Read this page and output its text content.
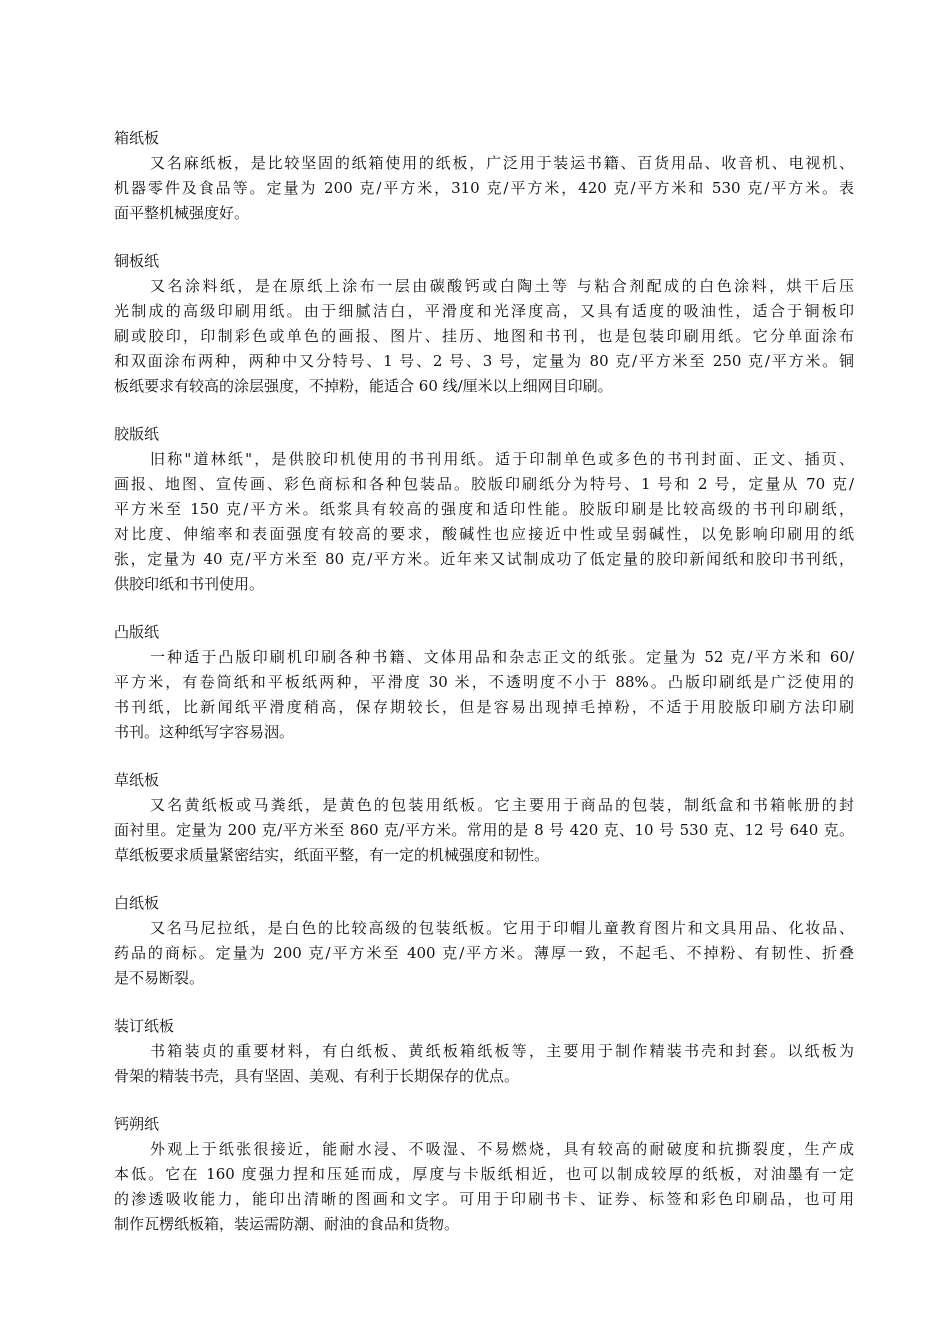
箱纸板
又名麻纸板，是比较坚固的纸箱使用的纸板，广泛用于装运书籍、百货用品、收音机、电视机、
机器零件及食品等。定量为 200 克/平方米，310 克/平方米，420 克/平方米和 530 克/平方米。表
面平整机械强度好。
铜板纸
又名涂料纸，是在原纸上涂布一层由碳酸钙或白陶土等 与粘合剂配成的白色涂料，烘干后压
光制成的高级印刷用纸。由于细腻洁白，平滑度和光泽度高，又具有适度的吸油性，适合于铜板印
刷或胶印，印制彩色或单色的画报、图片、挂历、地图和书刊，也是包装印刷用纸。它分单面涂布
和双面涂布两种，两种中又分特号、1 号、2 号、3 号，定量为 80 克/平方米至 250 克/平方米。铜
板纸要求有较高的涂层强度，不掉粉，能适合 60 线/厘米以上细网目印刷。
胶版纸
旧称"道林纸"，是供胶印机使用的书刊用纸。适于印制单色或多色的书刊封面、正文、插页、
画报、地图、宣传画、彩色商标和各种包装品。胶版印刷纸分为特号、1 号和 2 号，定量从 70 克/
平方米至 150 克/平方米。纸浆具有较高的强度和适印性能。胶版印刷是比较高级的书刊印刷纸，
对比度、伸缩率和表面强度有较高的要求，酸碱性也应接近中性或呈弱碱性，以免影响印刷用的纸
张，定量为 40 克/平方米至 80 克/平方米。近年来又试制成功了低定量的胶印新闻纸和胶印书刊纸，
供胶印纸和书刊使用。
凸版纸
一种适于凸版印刷机印刷各种书籍、文体用品和杂志正文的纸张。定量为 52 克/平方米和 60/
平方米，有卷筒纸和平板纸两种，平滑度 30 米，不透明度不小于 88%。凸版印刷纸是广泛使用的
书刊纸，比新闻纸平滑度稍高，保存期较长，但是容易出现掉毛掉粉，不适于用胶版印刷方法印刷
书刊。这种纸写字容易洇。
草纸板
又名黄纸板或马粪纸，是黄色的包装用纸板。它主要用于商品的包装，制纸盒和书箱帐册的封
面衬里。定量为 200 克/平方米至 860 克/平方米。常用的是 8 号 420 克、10 号 530 克、12 号 640 克。
草纸板要求质量紧密结实，纸面平整，有一定的机械强度和韧性。
白纸板
又名马尼拉纸，是白色的比较高级的包装纸板。它用于印帽儿童教育图片和文具用品、化妆品、
药品的商标。定量为 200 克/平方米至 400 克/平方米。薄厚一致，不起毛、不掉粉、有韧性、折叠
是不易断裂。
装订纸板
书箱装贞的重要材料，有白纸板、黄纸板箱纸板等，主要用于制作精装书壳和封套。以纸板为
骨架的精装书壳，具有坚固、美观、有利于长期保存的优点。
钙朔纸
外观上于纸张很接近，能耐水浸、不吸湿、不易燃烧，具有较高的耐破度和抗撕裂度，生产成
本低。它在 160 度强力捏和压延而成，厚度与卡版纸相近，也可以制成较厚的纸板，对油墨有一定
的渗透吸收能力，能印出清晰的图画和文字。可用于印刷书卡、证券、标签和彩色印刷品，也可用
制作瓦楞纸板箱，装运需防潮、耐油的食品和货物。
